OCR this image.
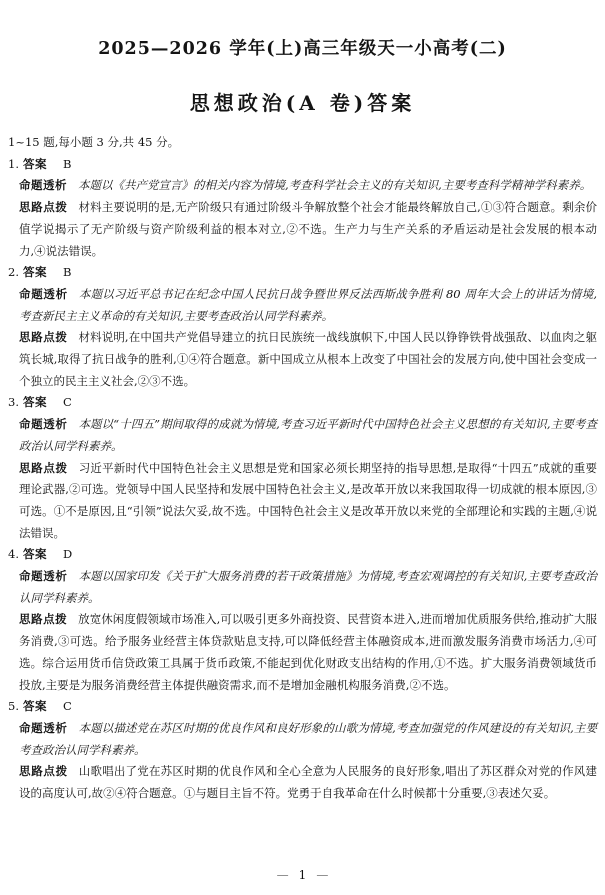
2025—2026 学年(上)高三年级天一小高考(二)
思想政治(A 卷)答案

1~15 题,每小题 3 分,共 45 分。

1. 答案 B

命题透析 本题以《共产党宣言》的相关内容为情境,考查科学社会主义的有关知识,主要考查科学精神学科素养。

思路点拨 材料主要说明的是,无产阶级只有通过阶级斗争解放整个社会才能最终解放自己,①③符合题意。剩余价值学说揭示了无产阶级与资产阶级利益的根本对立,②不选。生产力与生产关系的矛盾运动是社会发展的根本动力,④说法错误。

2. 答案 B

命题透析 本题以习近平总书记在纪念中国人民抗日战争暨世界反法西斯战争胜利 80 周年大会上的讲话为情境,考查新民主主义革命的有关知识,主要考查政治认同学科素养。

思路点拨 材料说明,在中国共产党倡导建立的抗日民族统一战线旗帜下,中国人民以铮铮铁骨战强敌、以血肉之躯筑长城,取得了抗日战争的胜利,①④符合题意。新中国成立从根本上改变了中国社会的发展方向,使中国社会变成一个独立的民主主义社会,②③不选。

3. 答案 C

命题透析 本题以“十四五”期间取得的成就为情境,考查习近平新时代中国特色社会主义思想的有关知识,主要考查政治认同学科素养。

思路点拨 习近平新时代中国特色社会主义思想是党和国家必须长期坚持的指导思想,是取得“十四五”成就的重要理论武器,②可选。党领导中国人民坚持和发展中国特色社会主义,是改革开放以来我国取得一切成就的根本原因,③可选。①不是原因,且“引领”说法欠妥,故不选。中国特色社会主义是改革开放以来党的全部理论和实践的主题,④说法错误。

4. 答案 D

命题透析 本题以国家印发《关于扩大服务消费的若干政策措施》为情境,考查宏观调控的有关知识,主要考查政治认同学科素养。

思路点拨 放宽休闲度假领域市场准入,可以吸引更多外商投资、民营资本进入,进而增加优质服务供给,推动扩大服务消费,③可选。给予服务业经营主体贷款贴息支持,可以降低经营主体融资成本,进而激发服务消费市场活力,④可选。综合运用货币信贷政策工具属于货币政策,不能起到优化财政支出结构的作用,①不选。扩大服务消费领域货币投放,主要是为服务消费经营主体提供融资需求,而不是增加金融机构服务消费,②不选。

5. 答案 C

命题透析 本题以描述党在苏区时期的优良作风和良好形象的山歌为情境,考查加强党的作风建设的有关知识,主要考查政治认同学科素养。

思路点拨 山歌唱出了党在苏区时期的优良作风和全心全意为人民服务的良好形象,唱出了苏区群众对党的作风建设的高度认可,故②④符合题意。①与题目主旨不符。党勇于自我革命在什么时候都十分重要,③表述欠妥。

— 1 —
